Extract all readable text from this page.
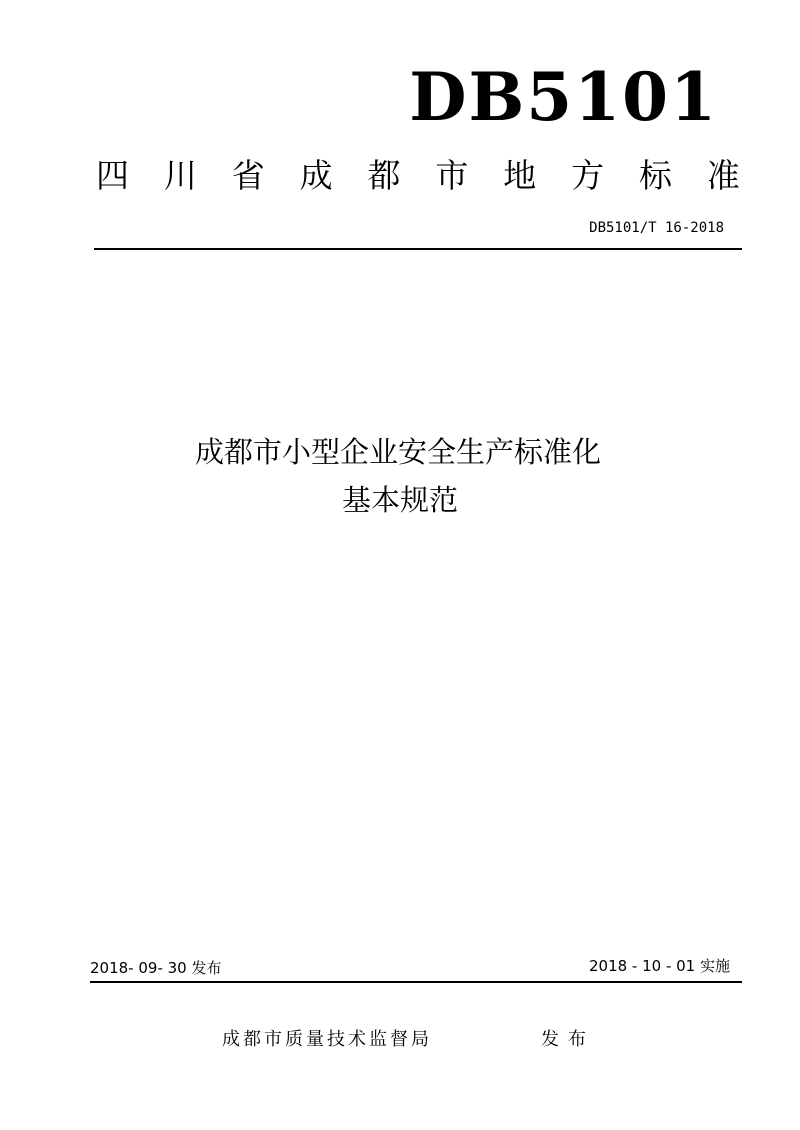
DB5101
四 川 省 成 都 市 地 方 标 准
DB5101/T 16-2018
成都市小型企业安全生产标准化
基本规范
2018- 09- 30 发布	2018 - 10 - 01 实施
成都市质量技术监督局	发布
